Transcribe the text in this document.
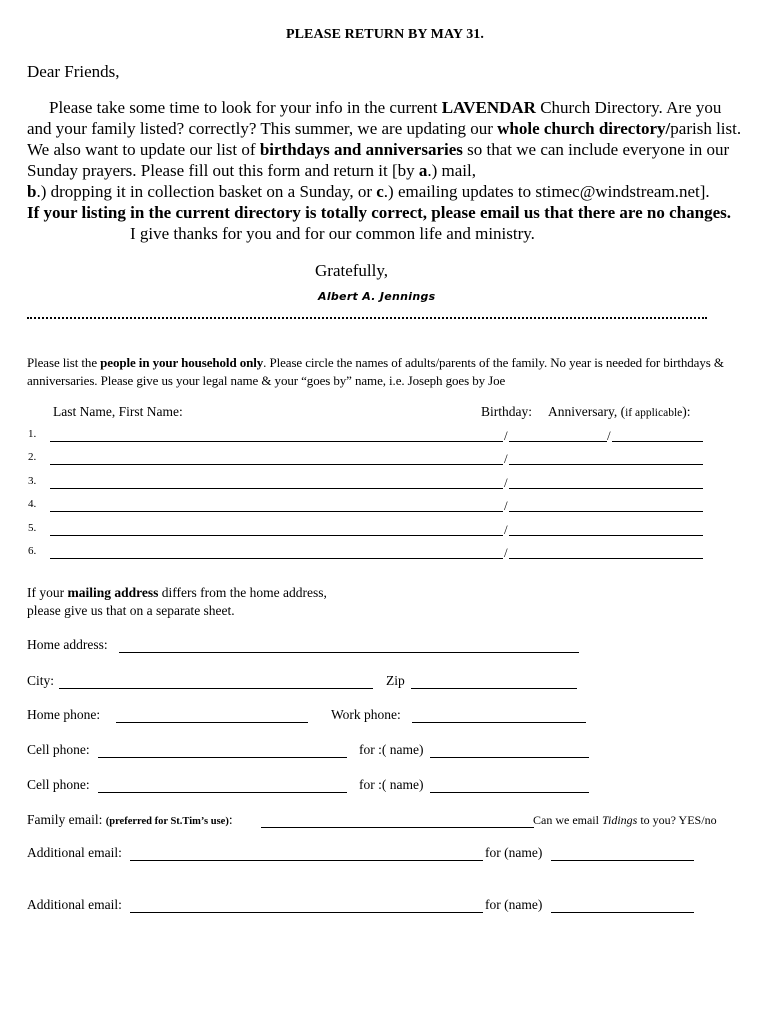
PLEASE RETURN BY MAY 31.
Dear Friends,
Please take some time to look for your info in the current LAVENDAR Church Directory. Are you and your family listed? correctly? This summer, we are updating our whole church directory/parish list. We also want to update our list of birthdays and anniversaries so that we can include everyone in our Sunday prayers. Please fill out this form and return it [by a.) mail,
b.) dropping it in collection basket on a Sunday, or c.) emailing updates to stimec@windstream.net].
If your listing in the current directory is totally correct, please email us that there are no changes.I give thanks for you and for our common life and ministry.
Gratefully,
Albert A. Jennings
Please list the people in your household only. Please circle the names of adults/parents of the family. No year is needed for birthdays & anniversaries. Please give us your legal name & your “goes by” name, i.e. Joseph goes by Joe
Last Name, First Name:	Birthday: Anniversary, (if applicable):
1.	/	/
2.	/
3.	/
4.	/
5.	/
6.	/
If your mailing address differs from the home address,
please give us that on a separate sheet.
Home address:
City:	Zip
Home phone:	Work phone:
Cell phone:	for :( name)
Cell phone:	for :( name)
Family email: (preferred for St.Tim’s use):	Can we email Tidings to you? YES/no
Additional email:	for (name)
Additional email:	for (name)
